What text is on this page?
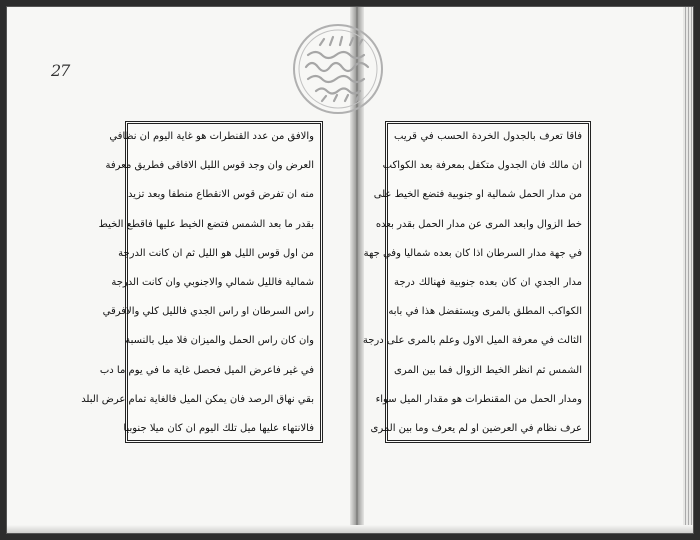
27
والافق من عدد القنطرات هو غاية اليوم ان نظافي
العرض وان وجد قوس الليل الافاقى فطريق معرفة
منه ان تفرض قوس الانقطاع منطفا وبعد تزيد
بقدر ما بعد الشمس فتضع الخيط عليها فاقطع الخيط
من اول قوس الليل هو الليل ثم ان كانت الدرجة
شمالية فالليل شمالي والاجنوبي وان كانت الدرجة
راس السرطان او راس الجدي فالليل كلي والافرقي
وان كان راس الحمل والميزان فلا ميل بالنسبة
في غير فاعرض الميل فحصل غاية ما في يوم ما دب
بقي نهاق الرصد فان يمكن الميل فالغاية تمام عرض البلد
فالانتهاء عليها ميل تلك اليوم ان كان ميلا جنوبيا
فاقا تعرف بالجدول الخردة الحسب في قريب
ان مالك فان الجدول متكفل بمعرفة بعد الكواكب
من مدار الحمل شمالية او جنوبية فتضع الخيط على
خط الزوال وابعد المرى عن مدار الحمل بقدر بعده
في جهة مدار السرطان اذا كان بعده شماليا وفي جهة
مدار الجدي ان كان بعده جنوبية فهنالك درجة
الكواكب المطلق بالمرى ويستفضل هذا في بابه
الثالث في معرفة الميل الاول وعلم بالمرى على درجة
الشمس ثم انظر الخيط الزوال فما بين المرى
ومدار الحمل من المقنطرات هو مقدار الميل سواء
عرف نظام في العرضين او لم يعرف وما بين المرى
